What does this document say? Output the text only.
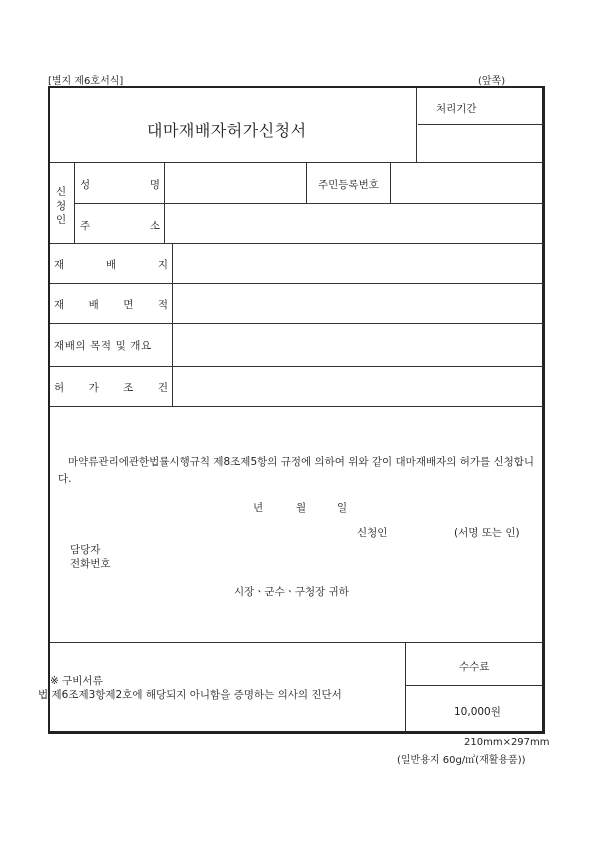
[별지 제6호서식]	(앞쪽)
대마재배자허가신청서
처리기간
신
청
인
성	명	주민등록번호
주	소
재	배	지
재 배 면 적
재배의 목적 및 개요
허 가 조 건
마약류관리에관한법률시행규칙 제8조제5항의 규정에 의하여 위와 같이 대마재배자의 허가를 신청합니다.
년	월	일
신청인	(서명 또는 인)
담당자
전화번호
시장ㆍ군수ㆍ구청장 귀하
※ 구비서류
법 제6조제3항제2호에 해당되지 아니함을 증명하는 의사의 진단서
수수료
10,000원
210mm×297mm
(일반용지 60g/㎡(재활용품))
